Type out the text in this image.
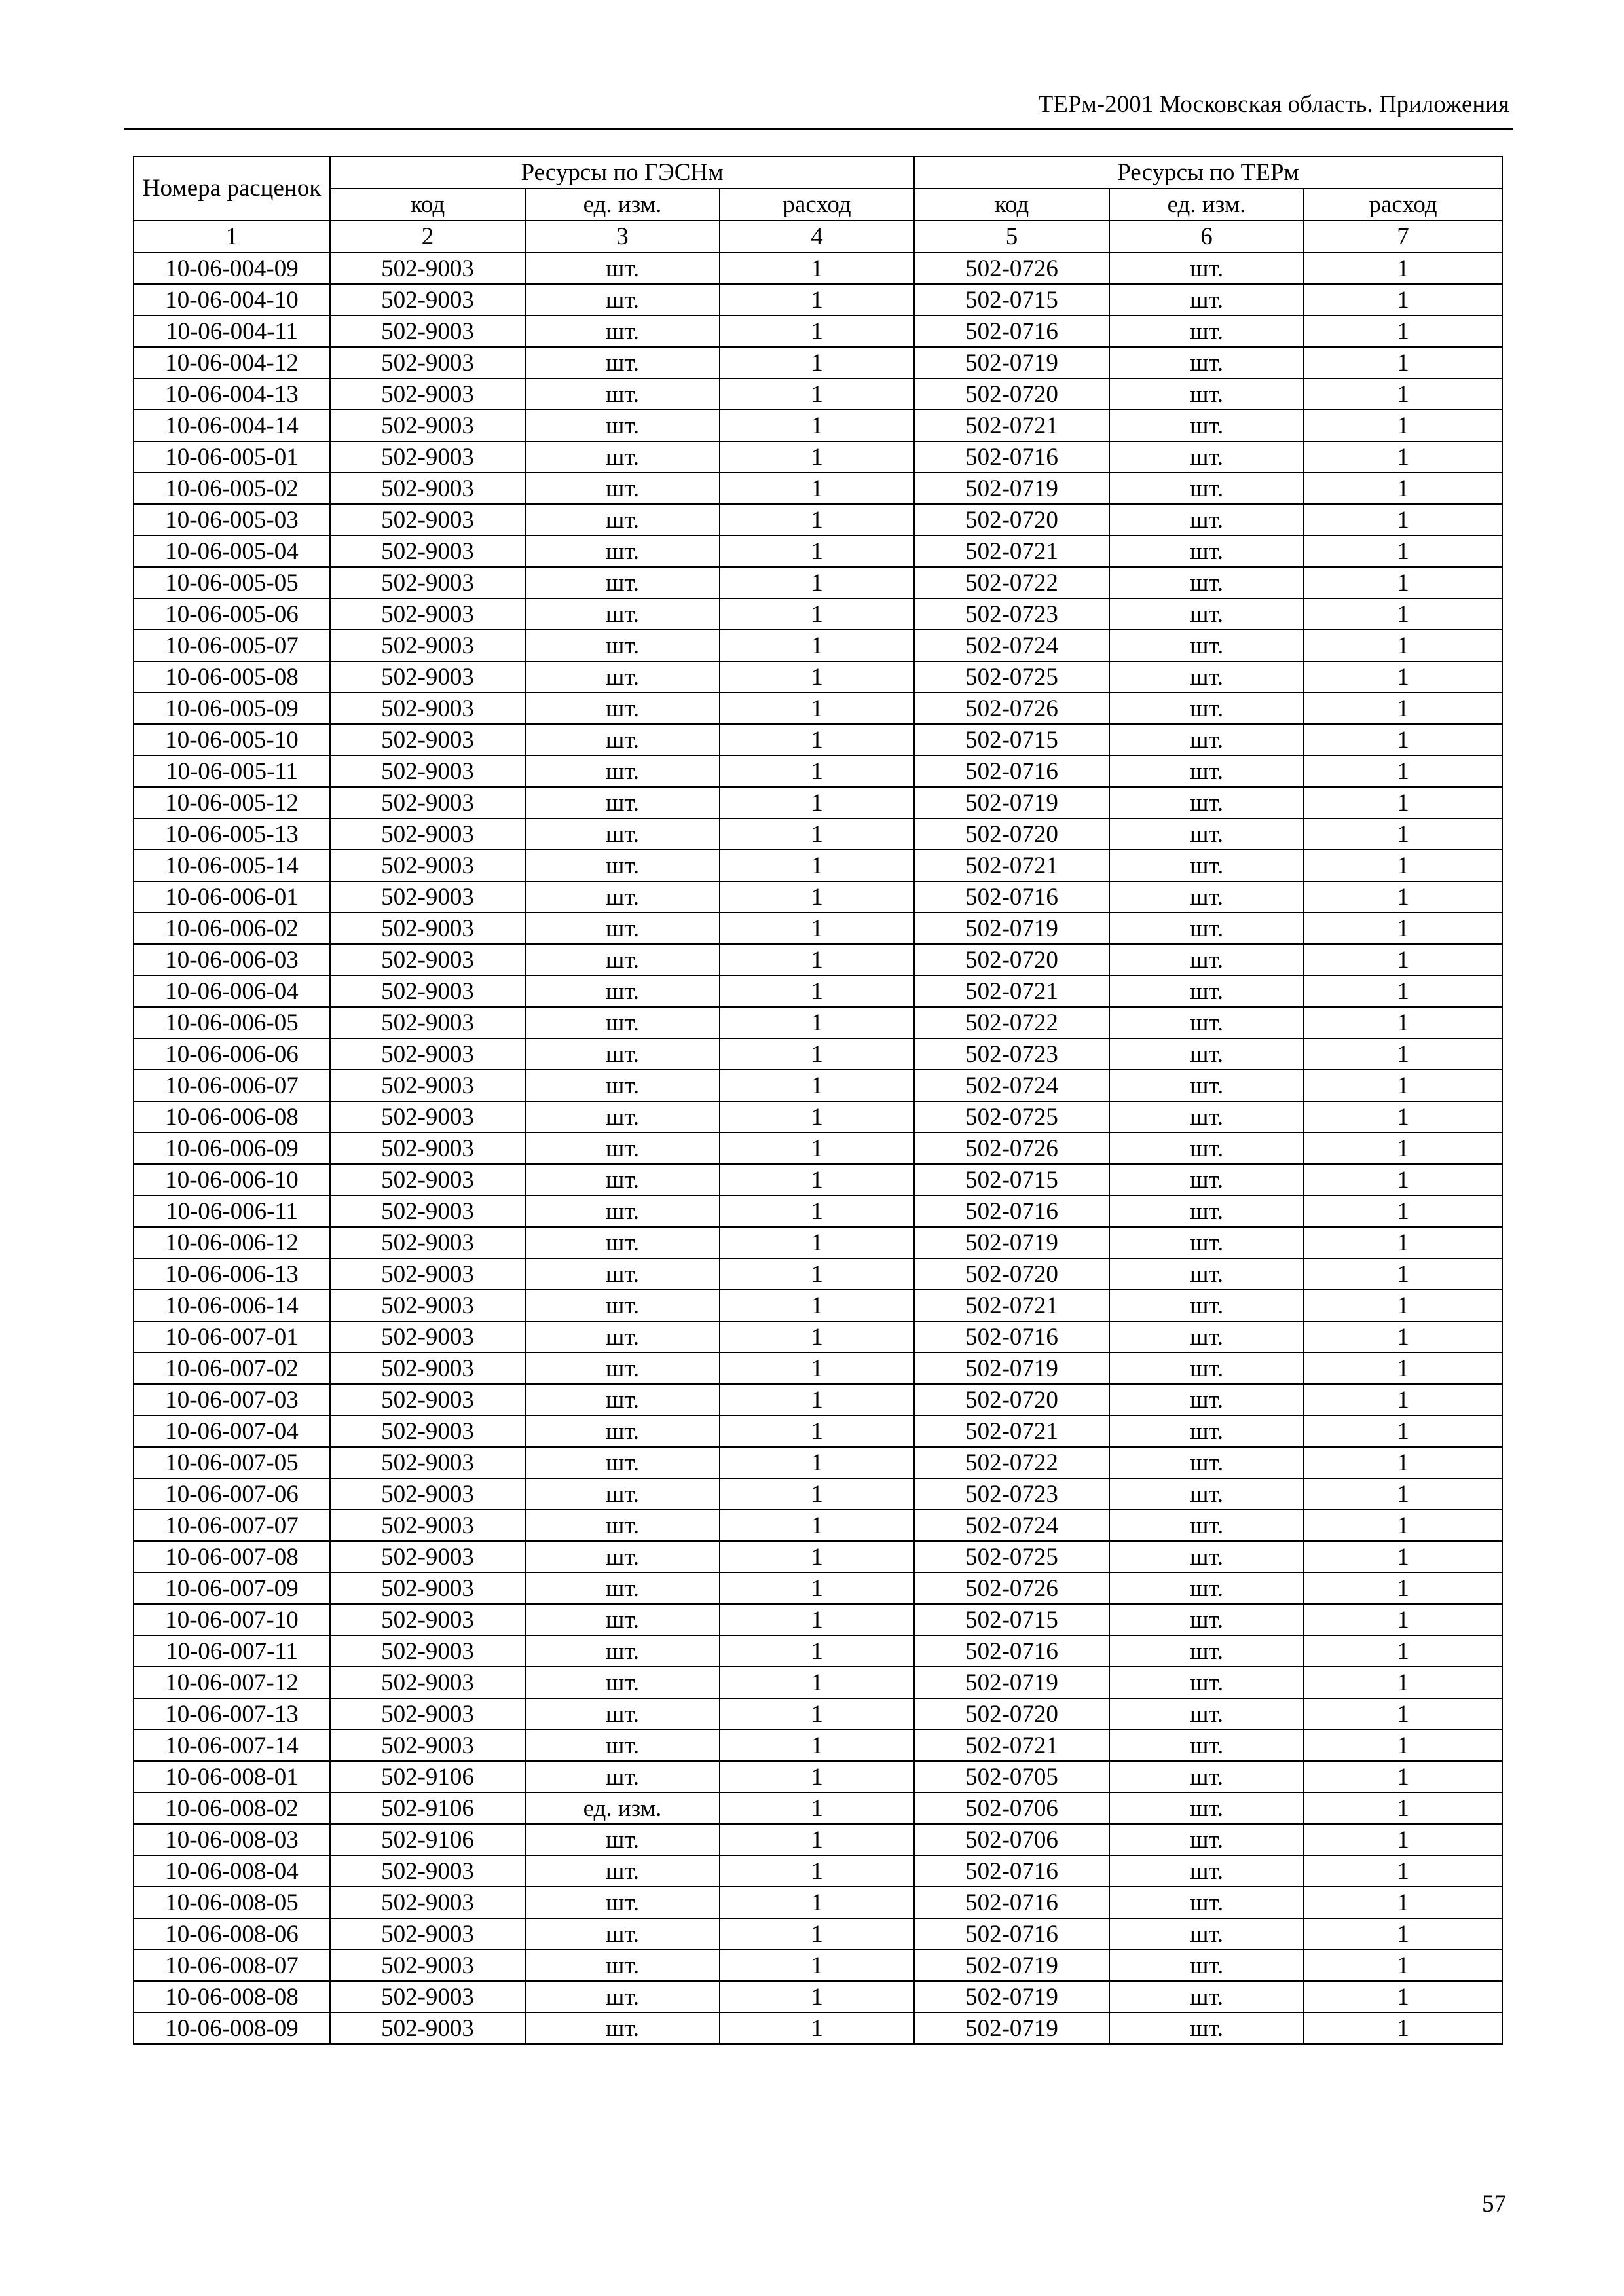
ТЕРм-2001 Московская область. Приложения
Номера расценок	Ресурсы по ГЭСНм			Ресурсы по ТЕРм		
	код	ед. изм.	расход	код	ед. изм.	расход
1	2	3	4	5	6	7
10-06-004-09	502-9003	шт.	1	502-0726	шт.	1
10-06-004-10	502-9003	шт.	1	502-0715	шт.	1
10-06-004-11	502-9003	шт.	1	502-0716	шт.	1
10-06-004-12	502-9003	шт.	1	502-0719	шт.	1
10-06-004-13	502-9003	шт.	1	502-0720	шт.	1
10-06-004-14	502-9003	шт.	1	502-0721	шт.	1
10-06-005-01	502-9003	шт.	1	502-0716	шт.	1
10-06-005-02	502-9003	шт.	1	502-0719	шт.	1
10-06-005-03	502-9003	шт.	1	502-0720	шт.	1
10-06-005-04	502-9003	шт.	1	502-0721	шт.	1
10-06-005-05	502-9003	шт.	1	502-0722	шт.	1
10-06-005-06	502-9003	шт.	1	502-0723	шт.	1
10-06-005-07	502-9003	шт.	1	502-0724	шт.	1
10-06-005-08	502-9003	шт.	1	502-0725	шт.	1
10-06-005-09	502-9003	шт.	1	502-0726	шт.	1
10-06-005-10	502-9003	шт.	1	502-0715	шт.	1
10-06-005-11	502-9003	шт.	1	502-0716	шт.	1
10-06-005-12	502-9003	шт.	1	502-0719	шт.	1
10-06-005-13	502-9003	шт.	1	502-0720	шт.	1
10-06-005-14	502-9003	шт.	1	502-0721	шт.	1
10-06-006-01	502-9003	шт.	1	502-0716	шт.	1
10-06-006-02	502-9003	шт.	1	502-0719	шт.	1
10-06-006-03	502-9003	шт.	1	502-0720	шт.	1
10-06-006-04	502-9003	шт.	1	502-0721	шт.	1
10-06-006-05	502-9003	шт.	1	502-0722	шт.	1
10-06-006-06	502-9003	шт.	1	502-0723	шт.	1
10-06-006-07	502-9003	шт.	1	502-0724	шт.	1
10-06-006-08	502-9003	шт.	1	502-0725	шт.	1
10-06-006-09	502-9003	шт.	1	502-0726	шт.	1
10-06-006-10	502-9003	шт.	1	502-0715	шт.	1
10-06-006-11	502-9003	шт.	1	502-0716	шт.	1
10-06-006-12	502-9003	шт.	1	502-0719	шт.	1
10-06-006-13	502-9003	шт.	1	502-0720	шт.	1
10-06-006-14	502-9003	шт.	1	502-0721	шт.	1
10-06-007-01	502-9003	шт.	1	502-0716	шт.	1
10-06-007-02	502-9003	шт.	1	502-0719	шт.	1
10-06-007-03	502-9003	шт.	1	502-0720	шт.	1
10-06-007-04	502-9003	шт.	1	502-0721	шт.	1
10-06-007-05	502-9003	шт.	1	502-0722	шт.	1
10-06-007-06	502-9003	шт.	1	502-0723	шт.	1
10-06-007-07	502-9003	шт.	1	502-0724	шт.	1
10-06-007-08	502-9003	шт.	1	502-0725	шт.	1
10-06-007-09	502-9003	шт.	1	502-0726	шт.	1
10-06-007-10	502-9003	шт.	1	502-0715	шт.	1
10-06-007-11	502-9003	шт.	1	502-0716	шт.	1
10-06-007-12	502-9003	шт.	1	502-0719	шт.	1
10-06-007-13	502-9003	шт.	1	502-0720	шт.	1
10-06-007-14	502-9003	шт.	1	502-0721	шт.	1
10-06-008-01	502-9106	шт.	1	502-0705	шт.	1
10-06-008-02	502-9106	ед. изм.	1	502-0706	шт.	1
10-06-008-03	502-9106	шт.	1	502-0706	шт.	1
10-06-008-04	502-9003	шт.	1	502-0716	шт.	1
10-06-008-05	502-9003	шт.	1	502-0716	шт.	1
10-06-008-06	502-9003	шт.	1	502-0716	шт.	1
10-06-008-07	502-9003	шт.	1	502-0719	шт.	1
10-06-008-08	502-9003	шт.	1	502-0719	шт.	1
10-06-008-09	502-9003	шт.	1	502-0719	шт.	1
57
